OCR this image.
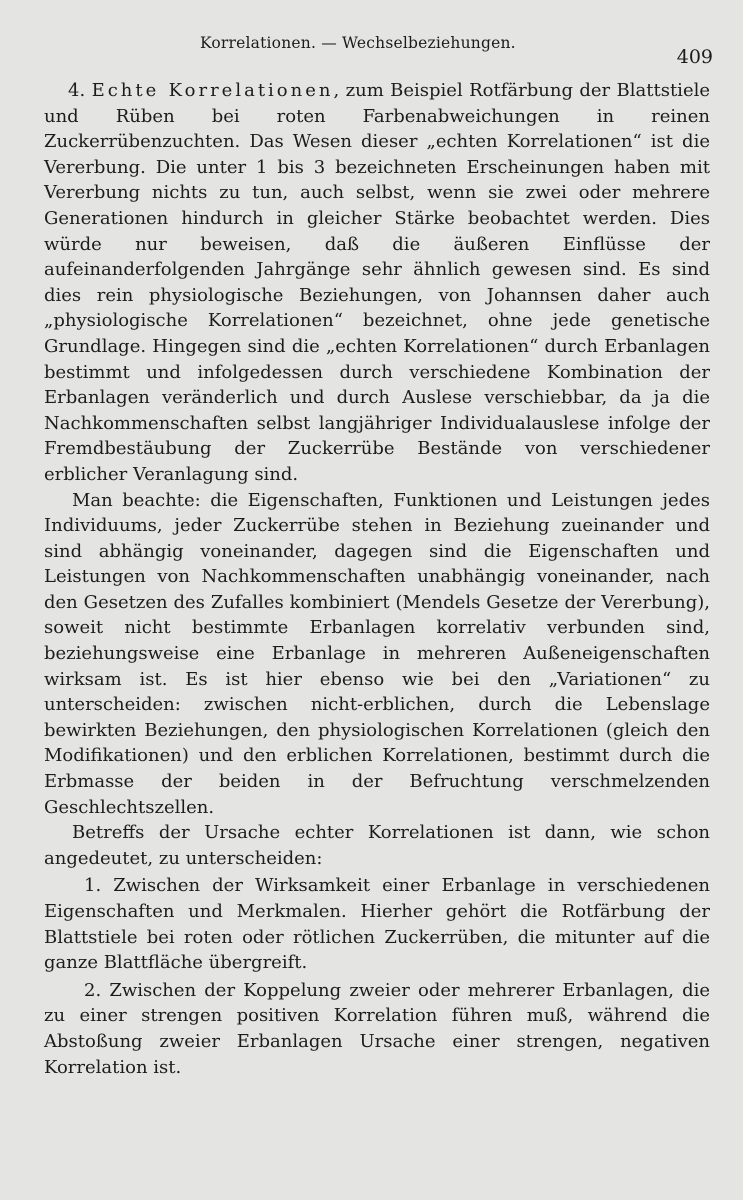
Korrelationen. — Wechselbeziehungen.
409

4. Echte Korrelationen, zum Beispiel Rotfärbung der Blattstiele und Rüben bei roten Farbenabweichungen in reinen Zuckerrübenzuchten. Das Wesen dieser „echten Korrelationen“ ist die Vererbung. Die unter 1 bis 3 bezeichneten Erscheinungen haben mit Vererbung nichts zu tun, auch selbst, wenn sie zwei oder mehrere Generationen hindurch in gleicher Stärke beobachtet werden. Dies würde nur beweisen, daß die äußeren Einflüsse der aufeinanderfolgenden Jahrgänge sehr ähnlich gewesen sind. Es sind dies rein physiologische Beziehungen, von Johannsen daher auch „physiologische Korrelationen“ bezeichnet, ohne jede genetische Grundlage. Hingegen sind die „echten Korrelationen“ durch Erbanlagen bestimmt und infolgedessen durch verschiedene Kombination der Erbanlagen veränderlich und durch Auslese verschiebbar, da ja die Nachkommenschaften selbst langjähriger Individualauslese infolge der Fremdbestäubung der Zuckerrübe Bestände von verschiedener erblicher Veranlagung sind.

Man beachte: die Eigenschaften, Funktionen und Leistungen jedes Individuums, jeder Zuckerrübe stehen in Beziehung zueinander und sind abhängig voneinander, dagegen sind die Eigenschaften und Leistungen von Nachkommenschaften unabhängig voneinander, nach den Gesetzen des Zufalles kombiniert (Mendels Gesetze der Vererbung), soweit nicht bestimmte Erbanlagen korrelativ verbunden sind, beziehungsweise eine Erbanlage in mehreren Außeneigenschaften wirksam ist. Es ist hier ebenso wie bei den „Variationen“ zu unterscheiden: zwischen nicht-erblichen, durch die Lebenslage bewirkten Beziehungen, den physiologischen Korrelationen (gleich den Modifikationen) und den erblichen Korrelationen, bestimmt durch die Erbmasse der beiden in der Befruchtung verschmelzenden Geschlechtszellen.

Betreffs der Ursache echter Korrelationen ist dann, wie schon angedeutet, zu unterscheiden:

1. Zwischen der Wirksamkeit einer Erbanlage in verschiedenen Eigenschaften und Merkmalen. Hierher gehört die Rotfärbung der Blattstiele bei roten oder rötlichen Zuckerrüben, die mitunter auf die ganze Blattfläche übergreift.

2. Zwischen der Koppelung zweier oder mehrerer Erbanlagen, die zu einer strengen positiven Korrelation führen muß, während die Abstoßung zweier Erbanlagen Ursache einer strengen, negativen Korrelation ist.
